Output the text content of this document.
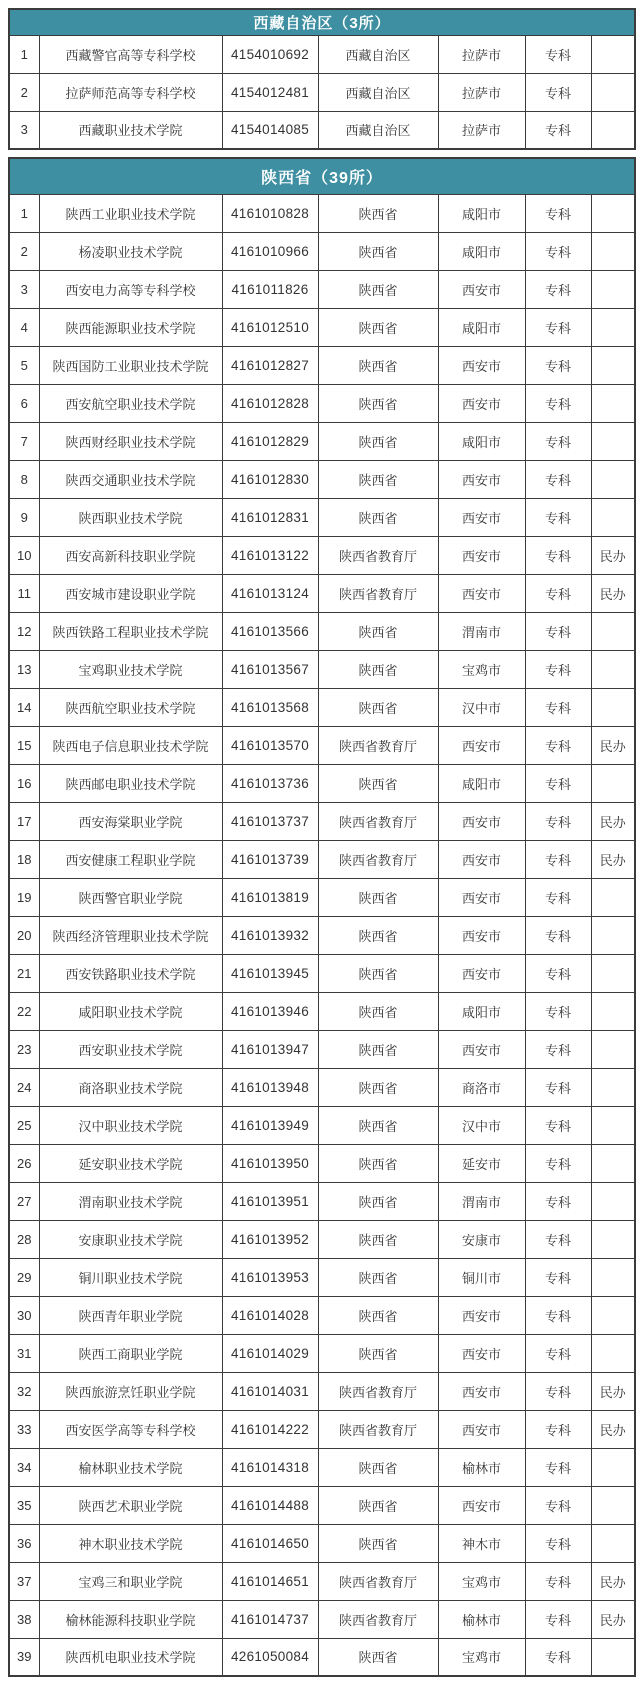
西藏自治区（3所）						
1	西藏警官高等专科学校	4154010692	西藏自治区	拉萨市	专科	
2	拉萨师范高等专科学校	4154012481	西藏自治区	拉萨市	专科	
3	西藏职业技术学院	4154014085	西藏自治区	拉萨市	专科	
陕西省（39所）						
1	陕西工业职业技术学院	4161010828	陕西省	咸阳市	专科	
2	杨凌职业技术学院	4161010966	陕西省	咸阳市	专科	
3	西安电力高等专科学校	4161011826	陕西省	西安市	专科	
4	陕西能源职业技术学院	4161012510	陕西省	咸阳市	专科	
5	陕西国防工业职业技术学院	4161012827	陕西省	西安市	专科	
6	西安航空职业技术学院	4161012828	陕西省	西安市	专科	
7	陕西财经职业技术学院	4161012829	陕西省	咸阳市	专科	
8	陕西交通职业技术学院	4161012830	陕西省	西安市	专科	
9	陕西职业技术学院	4161012831	陕西省	西安市	专科	
10	西安高新科技职业学院	4161013122	陕西省教育厅	西安市	专科	民办
11	西安城市建设职业学院	4161013124	陕西省教育厅	西安市	专科	民办
12	陕西铁路工程职业技术学院	4161013566	陕西省	渭南市	专科	
13	宝鸡职业技术学院	4161013567	陕西省	宝鸡市	专科	
14	陕西航空职业技术学院	4161013568	陕西省	汉中市	专科	
15	陕西电子信息职业技术学院	4161013570	陕西省教育厅	西安市	专科	民办
16	陕西邮电职业技术学院	4161013736	陕西省	咸阳市	专科	
17	西安海棠职业学院	4161013737	陕西省教育厅	西安市	专科	民办
18	西安健康工程职业学院	4161013739	陕西省教育厅	西安市	专科	民办
19	陕西警官职业学院	4161013819	陕西省	西安市	专科	
20	陕西经济管理职业技术学院	4161013932	陕西省	西安市	专科	
21	西安铁路职业技术学院	4161013945	陕西省	西安市	专科	
22	咸阳职业技术学院	4161013946	陕西省	咸阳市	专科	
23	西安职业技术学院	4161013947	陕西省	西安市	专科	
24	商洛职业技术学院	4161013948	陕西省	商洛市	专科	
25	汉中职业技术学院	4161013949	陕西省	汉中市	专科	
26	延安职业技术学院	4161013950	陕西省	延安市	专科	
27	渭南职业技术学院	4161013951	陕西省	渭南市	专科	
28	安康职业技术学院	4161013952	陕西省	安康市	专科	
29	铜川职业技术学院	4161013953	陕西省	铜川市	专科	
30	陕西青年职业学院	4161014028	陕西省	西安市	专科	
31	陕西工商职业学院	4161014029	陕西省	西安市	专科	
32	陕西旅游烹饪职业学院	4161014031	陕西省教育厅	西安市	专科	民办
33	西安医学高等专科学校	4161014222	陕西省教育厅	西安市	专科	民办
34	榆林职业技术学院	4161014318	陕西省	榆林市	专科	
35	陕西艺术职业学院	4161014488	陕西省	西安市	专科	
36	神木职业技术学院	4161014650	陕西省	神木市	专科	
37	宝鸡三和职业学院	4161014651	陕西省教育厅	宝鸡市	专科	民办
38	榆林能源科技职业学院	4161014737	陕西省教育厅	榆林市	专科	民办
39	陕西机电职业技术学院	4261050084	陕西省	宝鸡市	专科	
